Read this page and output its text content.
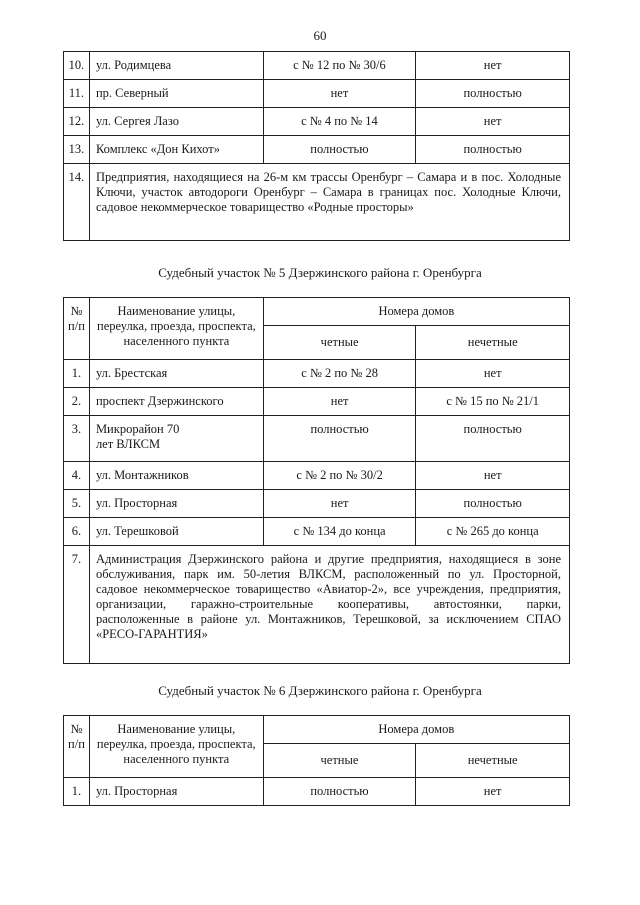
60
10.	ул. Родимцева	с № 12 по № 30/6	нет
11.	пр. Северный	нет	полностью
12.	ул. Сергея Лазо	с № 4 по № 14	нет
13.	Комплекс «Дон Кихот»	полностью	полностью
14.	Предприятия, находящиеся на 26-м км трассы Оренбург – Самара и в пос. Холодные Ключи, участок автодороги Оренбург – Самара в границах пос. Холодные Ключи, садовое некоммерческое товарищество «Родные просторы»		
Судебный участок № 5 Дзержинского района г. Оренбурга
№ п/п	Наименование улицы, переулка, проезда, проспекта, населенного пункта	Номера домов	
		четные	нечетные
1.	ул. Брестская	с № 2 по № 28	нет
2.	проспект Дзержинского	нет	с № 15 по № 21/1
3.	Микрорайон 70 лет ВЛКСМ	полностью	полностью
4.	ул. Монтажников	с № 2 по № 30/2	нет
5.	ул. Просторная	нет	полностью
6.	ул. Терешковой	с № 134 до конца	с № 265 до конца
7.	Администрация Дзержинского района и другие предприятия, находящиеся в зоне обслуживания, парк им. 50-летия ВЛКСМ, расположенный по ул. Просторной, садовое некоммерческое товарищество «Авиатор-2», все учреждения, предприятия, организации, гаражно-строительные кооперативы, автостоянки, парки, расположенные в районе ул. Монтажников, Терешковой, за исключением СПАО «РЕСО-ГАРАНТИЯ»		
Судебный участок № 6 Дзержинского района г. Оренбурга
№ п/п	Наименование улицы, переулка, проезда, проспекта, населенного пункта	Номера домов	
		четные	нечетные
1.	ул. Просторная	полностью	нет
